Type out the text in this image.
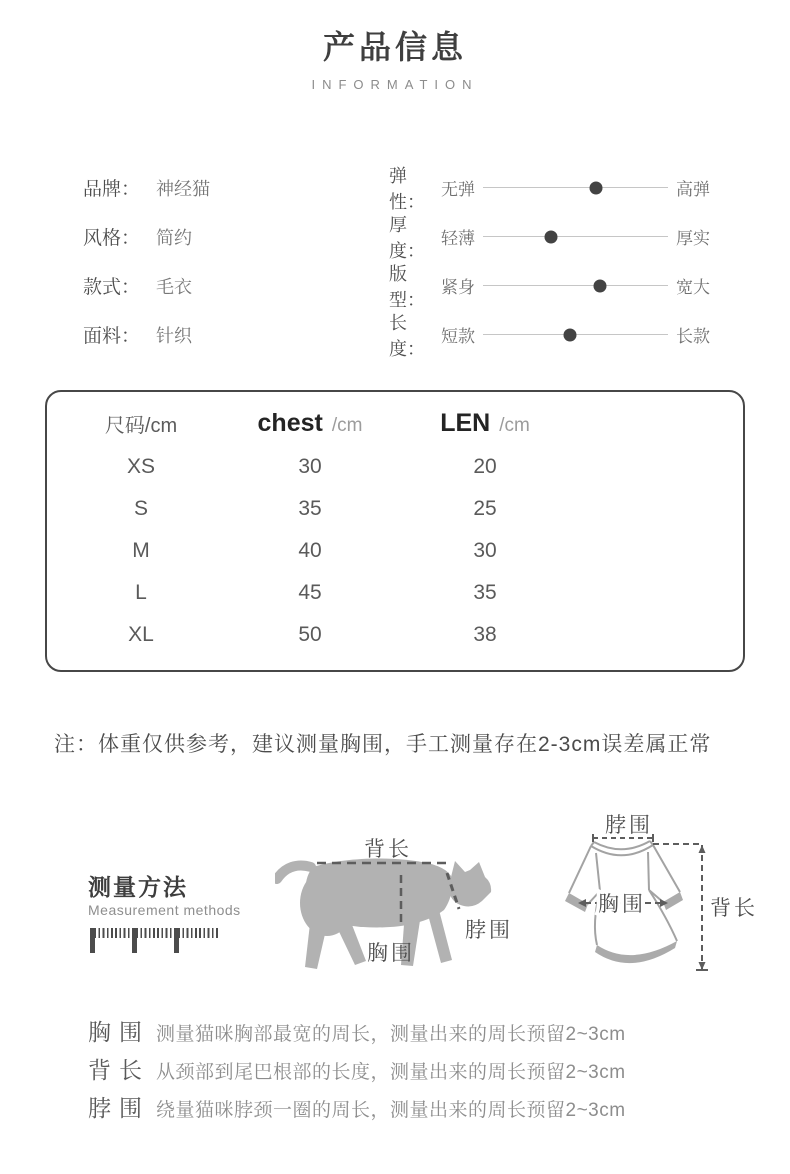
产品信息
INFORMATION
品牌： 神经猫
风格： 简约
款式： 毛衣
面料： 针织
弹性：
无弹	高弹
厚度：
轻薄	厚实
版型：
紧身	宽大
长度：
短款	长款
尺码/cm	chest /cm	LEN /cm
XS	30	20
S	35	25
M	40	30
L	45	35
XL	50	38
注：体重仅供参考，建议测量胸围，手工测量存在2-3cm误差属正常
测量方法
Measurement methods
背长
脖围
胸围
脖围
胸围	背长
胸围 测量猫咪胸部最宽的周长，测量出来的周长预留2~3cm
背长 从颈部到尾巴根部的长度，测量出来的周长预留2~3cm
脖围 绕量猫咪脖颈一圈的周长，测量出来的周长预留2~3cm
